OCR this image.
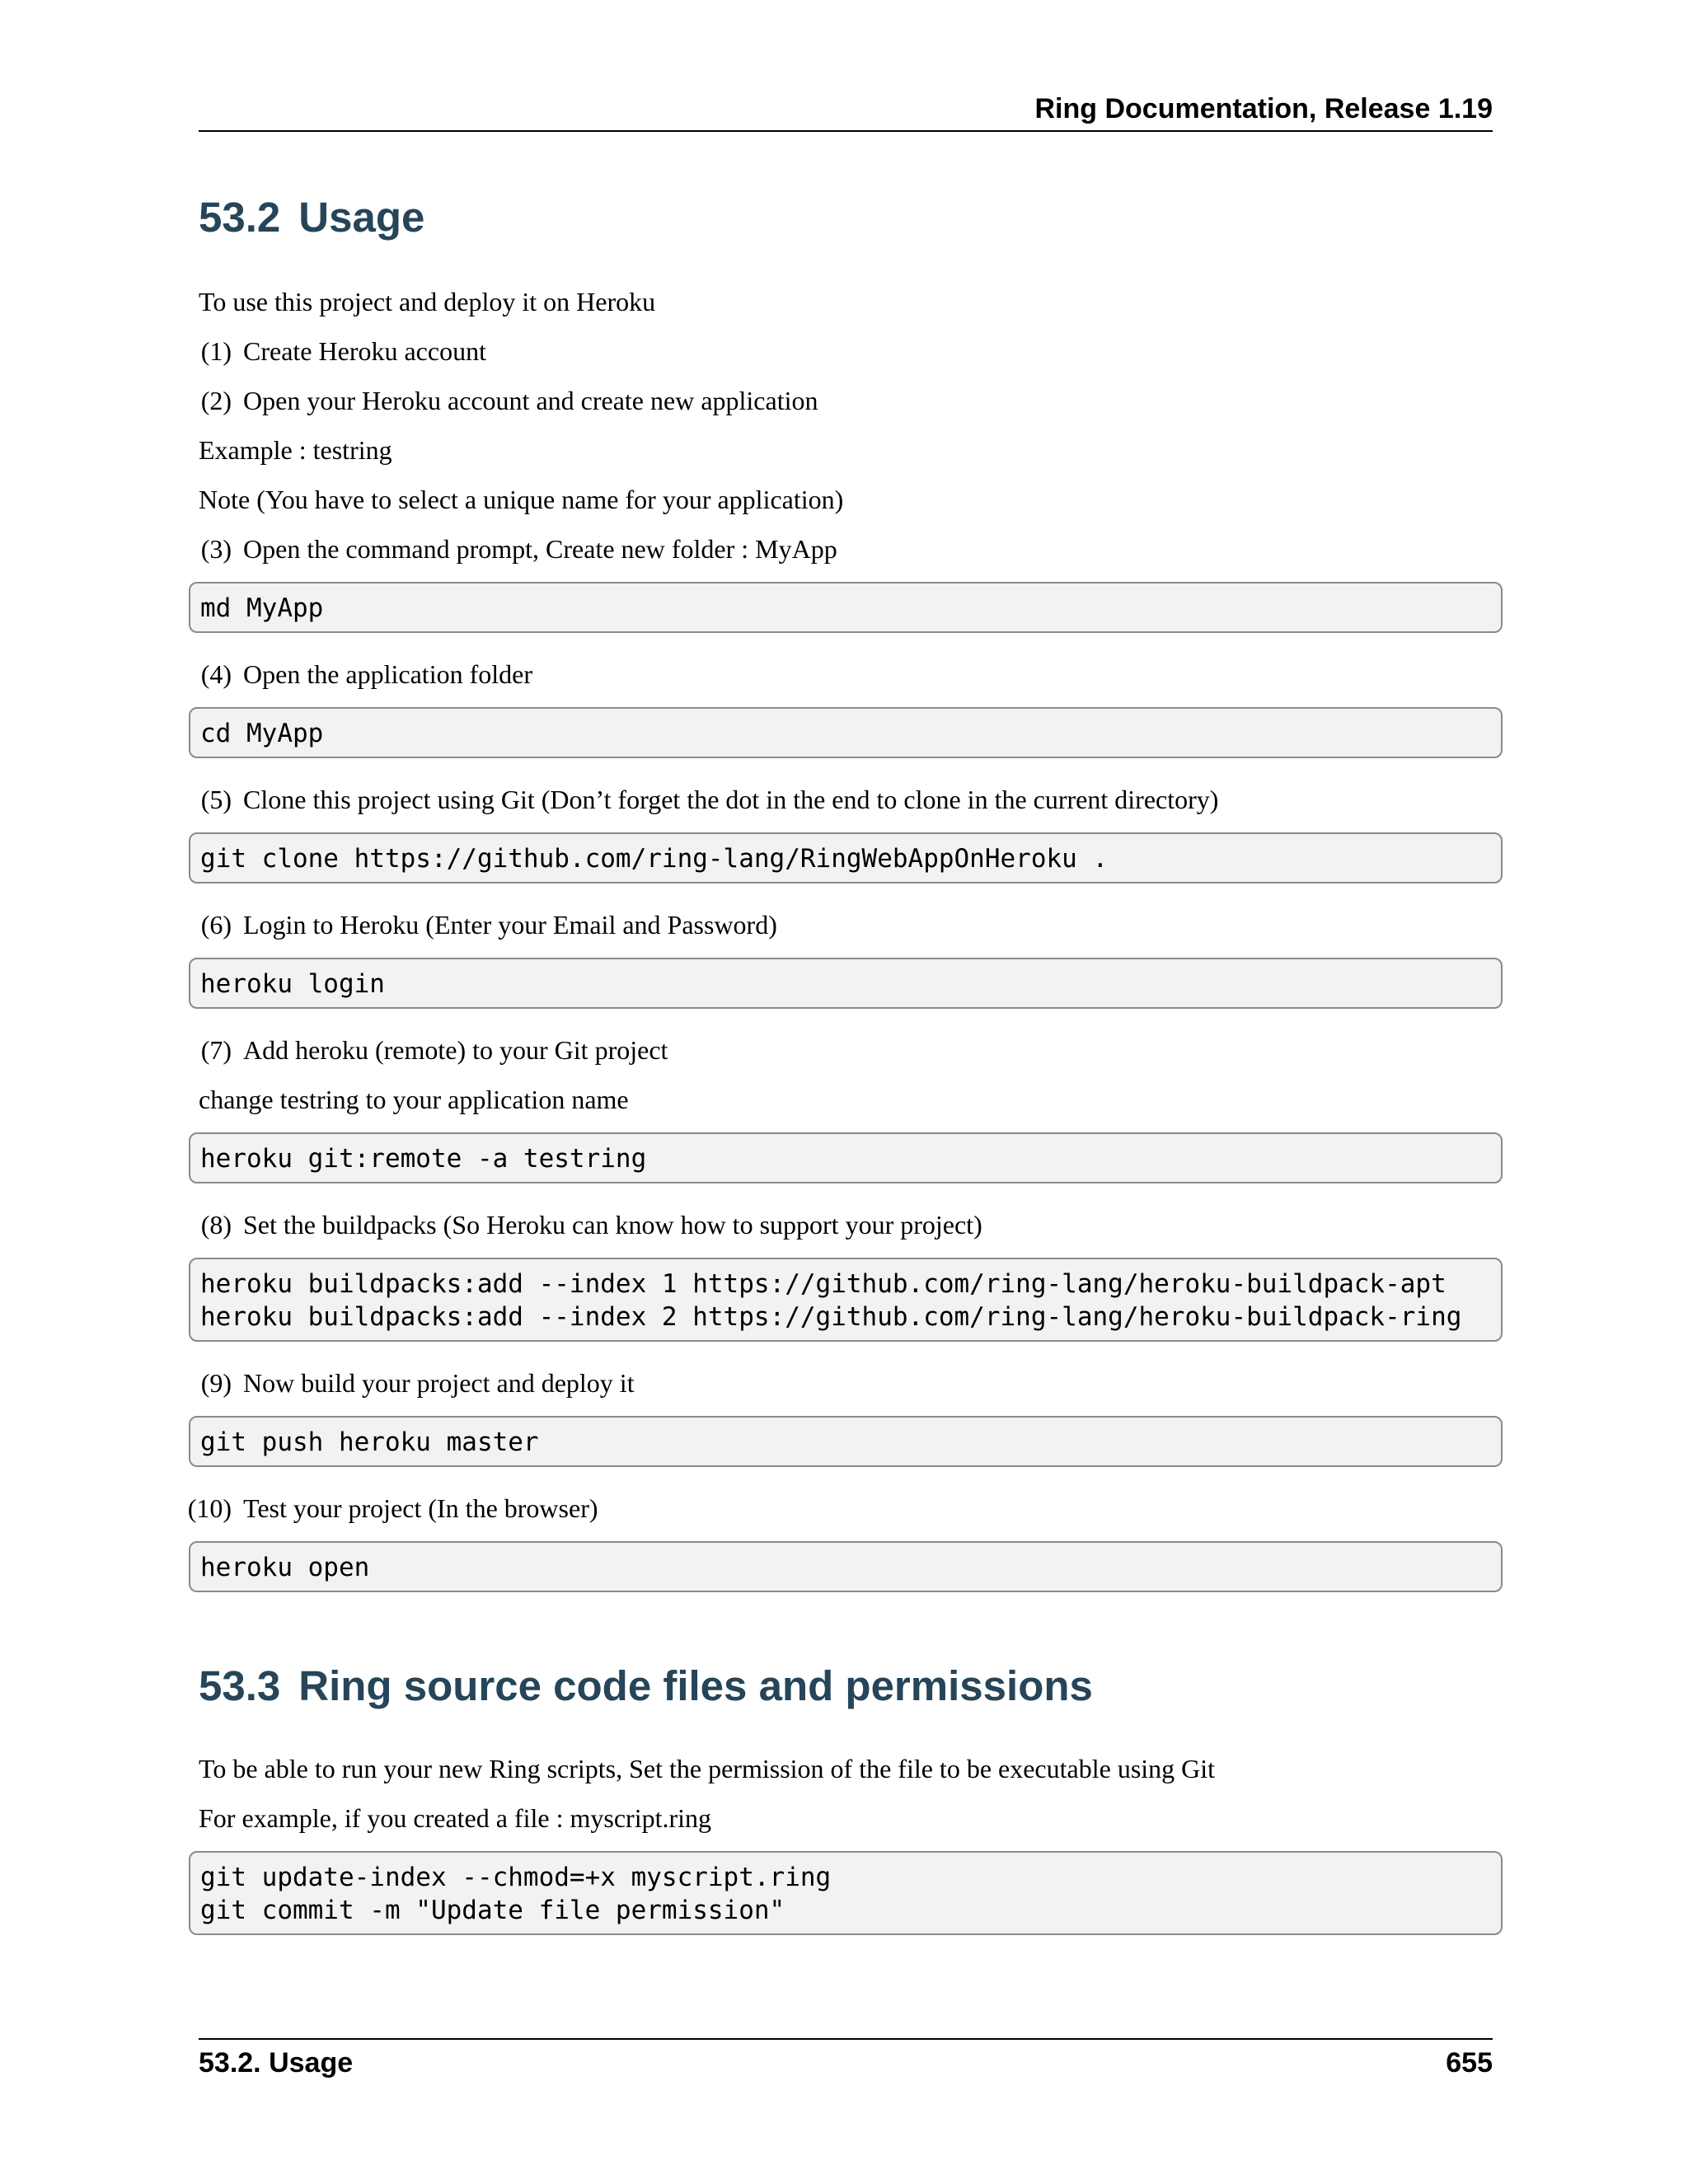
Ring Documentation, Release 1.19
53.2 Usage
To use this project and deploy it on Heroku
(1) Create Heroku account
(2) Open your Heroku account and create new application
Example : testring
Note (You have to select a unique name for your application)
(3) Open the command prompt, Create new folder : MyApp
md MyApp
(4) Open the application folder
cd MyApp
(5) Clone this project using Git (Don’t forget the dot in the end to clone in the current directory)
git clone https://github.com/ring-lang/RingWebAppOnHeroku .
(6) Login to Heroku (Enter your Email and Password)
heroku login
(7) Add heroku (remote) to your Git project
change testring to your application name
heroku git:remote -a testring
(8) Set the buildpacks (So Heroku can know how to support your project)
heroku buildpacks:add --index 1 https://github.com/ring-lang/heroku-buildpack-apt
heroku buildpacks:add --index 2 https://github.com/ring-lang/heroku-buildpack-ring
(9) Now build your project and deploy it
git push heroku master
(10) Test your project (In the browser)
heroku open
53.3 Ring source code files and permissions
To be able to run your new Ring scripts, Set the permission of the file to be executable using Git
For example, if you created a file : myscript.ring
git update-index --chmod=+x myscript.ring
git commit -m "Update file permission"
53.2. Usage	655
